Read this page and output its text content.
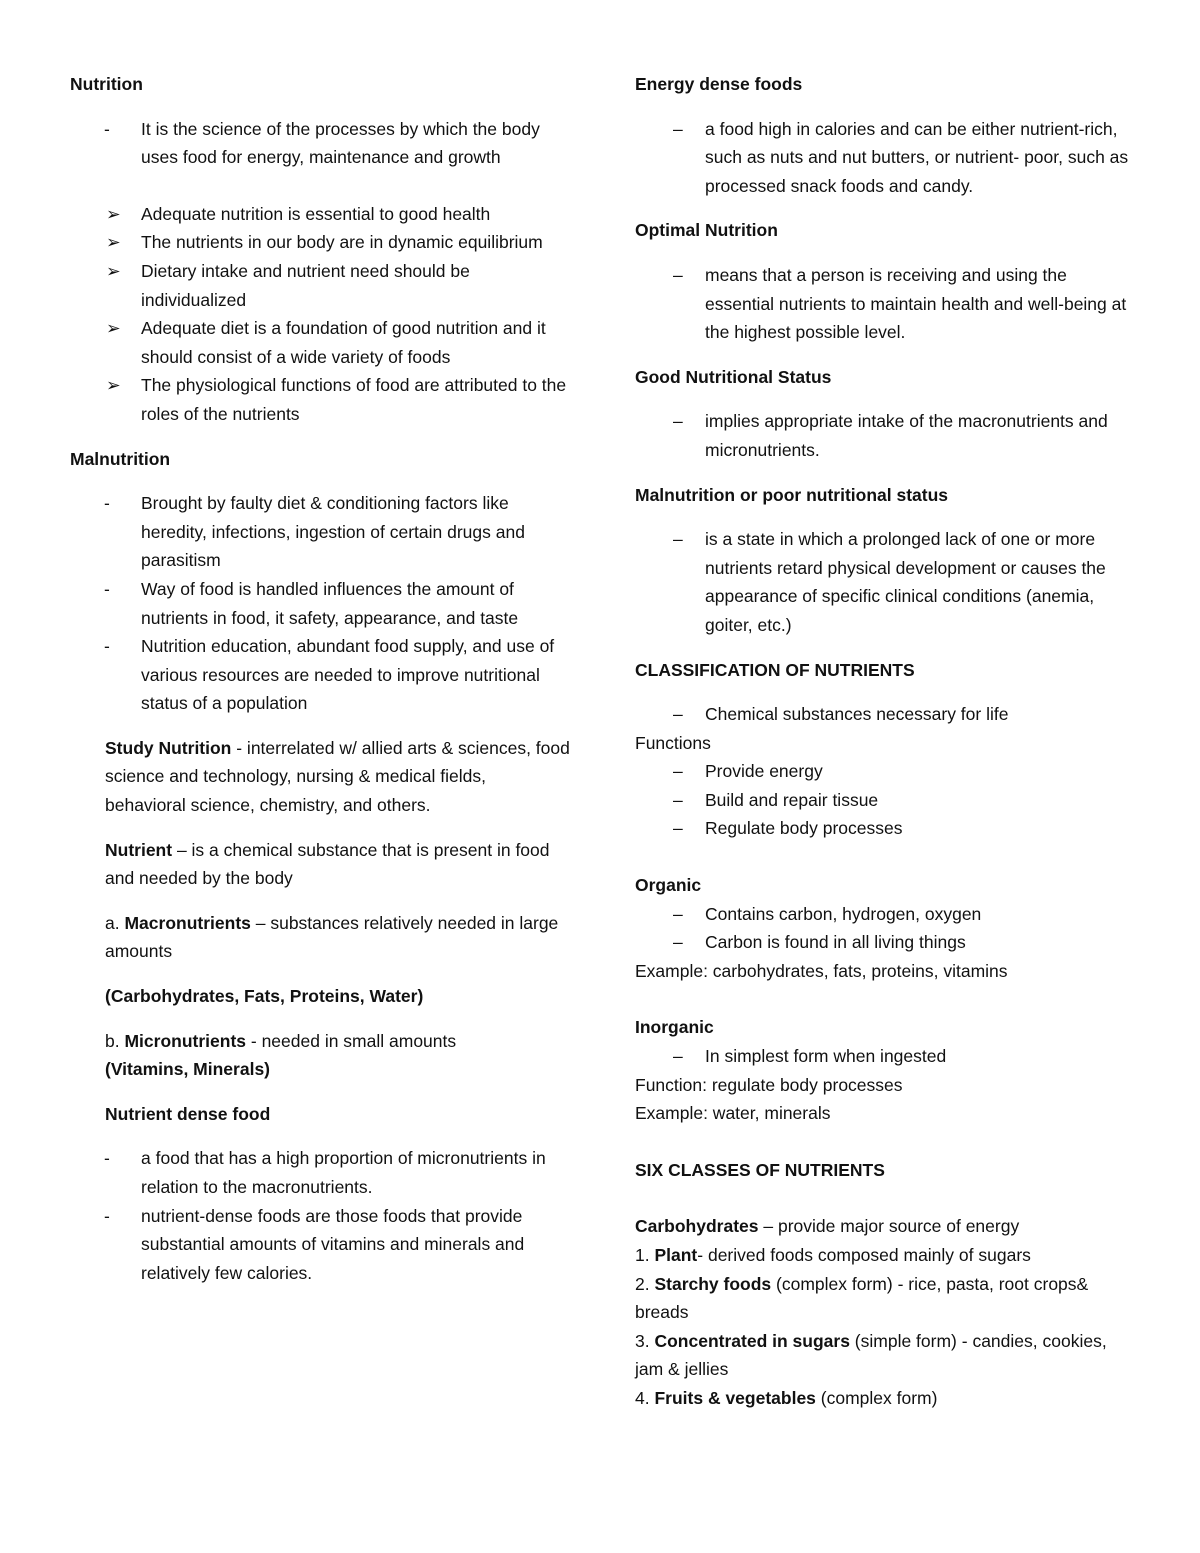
Nutrition

-	It is the science of the processes by which the body uses food for energy, maintenance and growth
➢	Adequate nutrition is essential to good health
➢	The nutrients in our body are in dynamic equilibrium
➢	Dietary intake and nutrient need should be individualized
➢	Adequate diet is a foundation of good nutrition and it should consist of a wide variety of foods
➢	The physiological functions of food are attributed to the roles of the nutrients

Malnutrition

-	Brought by faulty diet & conditioning factors like heredity, infections, ingestion of certain drugs and parasitism
-	Way of food is handled influences the amount of nutrients in food, it safety, appearance, and taste
-	Nutrition education, abundant food supply, and use of various resources are needed to improve nutritional status of a population

Study Nutrition - interrelated w/ allied arts & sciences, food science and technology, nursing & medical fields, behavioral science, chemistry, and others.

Nutrient – is a chemical substance that is present in food and needed by the body

a. Macronutrients – substances relatively needed in large amounts

(Carbohydrates, Fats, Proteins, Water)

b. Micronutrients - needed in small amounts

(Vitamins, Minerals)

Nutrient dense food

-	a food that has a high proportion of micronutrients in relation to the macronutrients.
-	nutrient-dense foods are those foods that provide substantial amounts of vitamins and minerals and relatively few calories.

Energy dense foods

–	a food high in calories and can be either nutrient-rich, such as nuts and nut butters, or nutrient- poor, such as processed snack foods and candy.

Optimal Nutrition

–	means that a person is receiving and using the essential nutrients to maintain health and well-being at the highest possible level.

Good Nutritional Status

–	implies appropriate intake of the macronutrients and micronutrients.

Malnutrition or poor nutritional status

–	is a state in which a prolonged lack of one or more nutrients retard physical development or causes the appearance of specific clinical conditions (anemia, goiter, etc.)

CLASSIFICATION OF NUTRIENTS

–	Chemical substances necessary for life

Functions

–	Provide energy
–	Build and repair tissue
–	Regulate body processes

Organic

–	Contains carbon, hydrogen, oxygen
–	Carbon is found in all living things

Example: carbohydrates, fats, proteins, vitamins

Inorganic

–	In simplest form when ingested

Function: regulate body processes

Example: water, minerals

SIX CLASSES OF NUTRIENTS

Carbohydrates – provide major source of energy

1. Plant- derived foods composed mainly of sugars

2. Starchy foods (complex form) - rice, pasta, root crops& breads

3. Concentrated in sugars (simple form) - candies, cookies, jam & jellies

4. Fruits & vegetables (complex form)
